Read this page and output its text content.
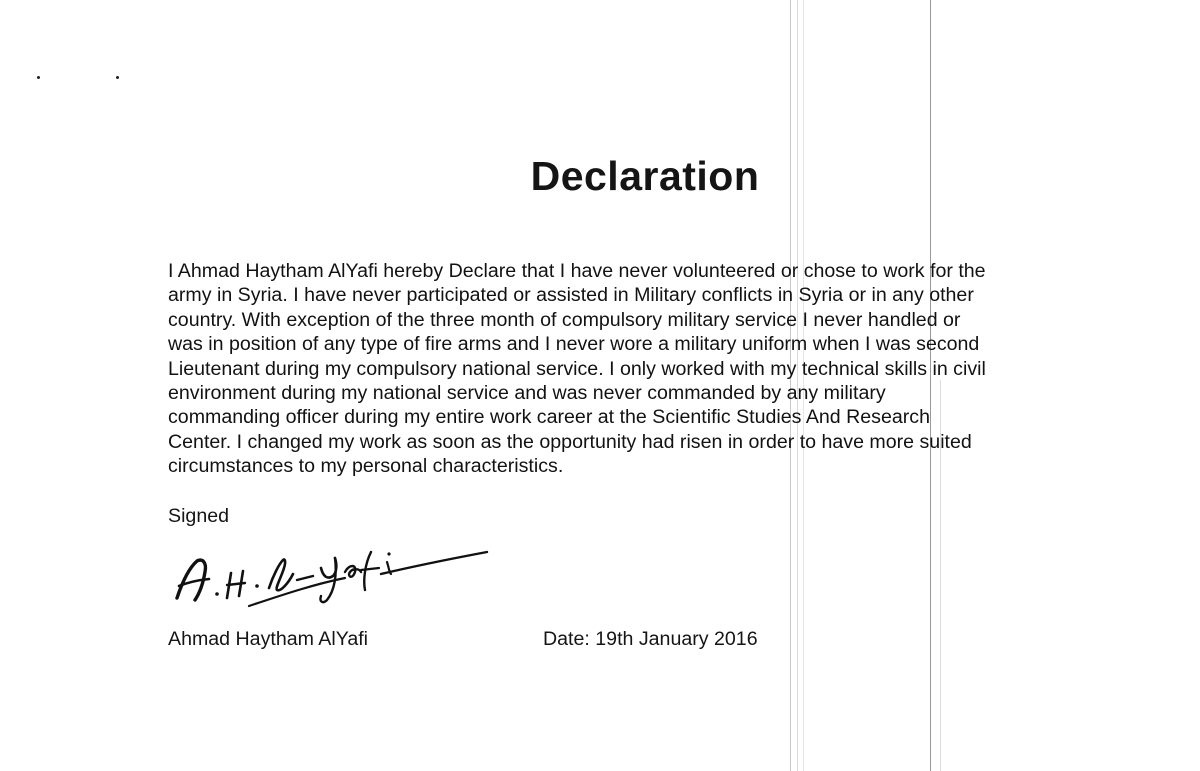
Declaration
I Ahmad Haytham AlYafi hereby Declare that I have never volunteered or chose to work for the
army in Syria. I have never participated or assisted in Military conflicts in Syria or in any other
country. With exception of the three month of compulsory military service I never handled or
was in position of any type of fire arms and I never wore a military uniform when I was second
Lieutenant during my compulsory national service. I only worked with my technical skills in civil
environment during my national service and was never commanded by any military
commanding officer during my entire work career at the Scientific Studies And Research
Center. I changed my work as soon as the opportunity had risen in order to have more suited
circumstances to my personal characteristics.
Signed
Ahmad Haytham AlYafi	Date: 19th January 2016
